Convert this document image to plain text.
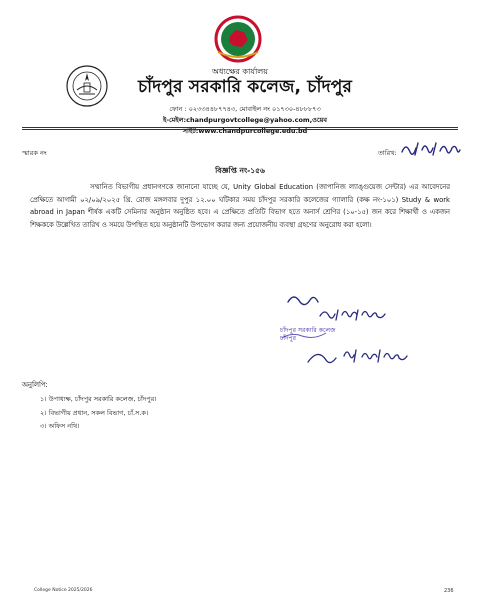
অধ্যক্ষের কার্যালয়
চাঁদপুর সরকারি কলেজ, চাঁদপুর
ফোন : ০২৩৩৪৪৮৭৭৪৩, মোবাইল নং ০১৭৩০-৪৮৮৮৭৩
ই-মেইল:chandpurgovtcollege@yahoo.com,ওয়েব সাইট:www.chandpurcollege.edu.bd
স্মারক নং	তারিখ:
বিজ্ঞপ্তি নং-১৫৬
সম্মানিত বিভাগীয় প্রধানগণকে জানানো যাচ্ছে যে, Unity Global Education (জাপানিজ ল্যাঙ্গুয়েজ সেন্টার) এর আবেদনের প্রেক্ষিতে আগামী ০২/০৯/২০২৫ খ্রি. রোজ মঙ্গলবার দুপুর ১২.০০ ঘটিকার সময় চাঁদপুর সরকারি কলেজের গ্যালারি (কক্ষ নং-১০১) Study & work abroad in Japan শীর্ষক একটি সেমিনার অনুষ্ঠান অনুষ্ঠিত হবে। এ প্রেক্ষিতে প্রতিটি বিভাগ হতে অনার্স শ্রেণির (১০-১৫) জন করে শিক্ষার্থী ও একজন শিক্ষককে উল্লেখিত তারিখ ও সময়ে উপস্থিত হয়ে অনুষ্ঠানটি উপভোগ করার জন্য প্রয়োজনীয় ব্যবস্থা গ্রহণের অনুরোধ করা হলো।
চাঁদপুর সরকারি কলেজ
চাঁদপুর
অনুলিপি:
১। উপাধ্যক্ষ, চাঁদপুর সরকারি কলেজ, চাঁদপুর।
২। বিভাগীয় প্রধান, সকল বিভাগ, চাঁ.স.ক।
৩। অফিস নথি।
College Notice 2025/2026	236
